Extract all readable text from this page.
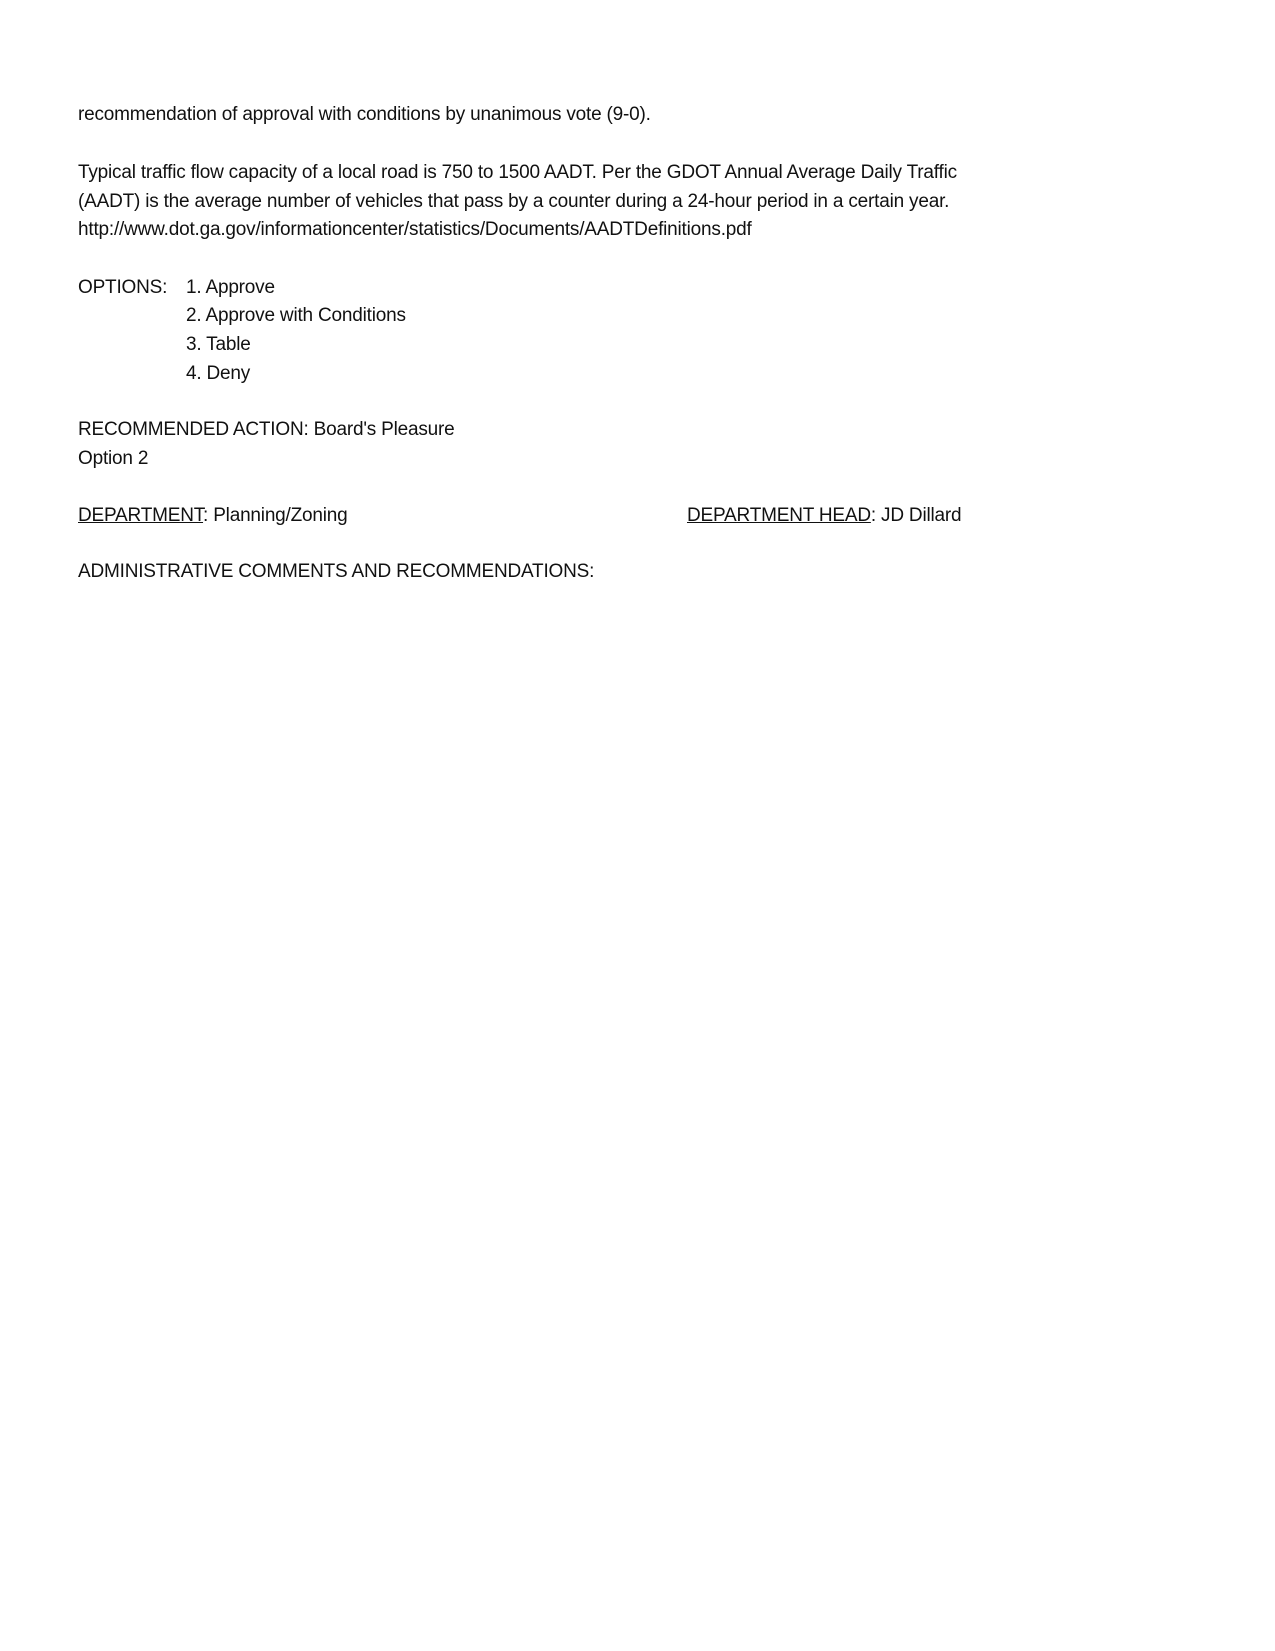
recommendation of approval with conditions by unanimous vote (9-0).
Typical traffic flow capacity of a local road is 750 to 1500 AADT. Per the GDOT Annual Average Daily Traffic
(AADT) is the average number of vehicles that pass by a counter during a 24-hour period in a certain year.
http://www.dot.ga.gov/informationcenter/statistics/Documents/AADTDefinitions.pdf
OPTIONS: 1. Approve
2. Approve with Conditions
3. Table
4. Deny
RECOMMENDED ACTION: Board's Pleasure
Option 2
DEPARTMENT: Planning/Zoning	DEPARTMENT HEAD: JD Dillard
ADMINISTRATIVE COMMENTS AND RECOMMENDATIONS:
